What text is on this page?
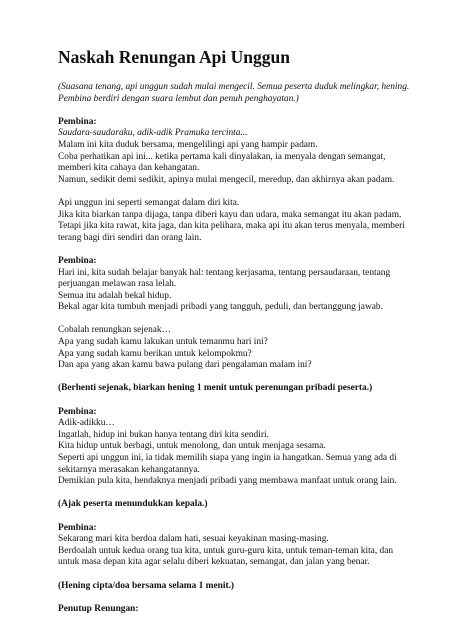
Naskah Renungan Api Unggun

(Suasana tenang, api unggun sudah mulai mengecil. Semua peserta duduk melingkar, hening.
Pembina berdiri dengan suara lembut dan penuh penghayatan.)

Pembina:
Saudara-saudaraku, adik-adik Pramuka tercinta...
Malam ini kita duduk bersama, mengelilingi api yang hampir padam.
Coba perhatikan api ini... ketika pertama kali dinyalakan, ia menyala dengan semangat,
memberi kita cahaya dan kehangatan.
Namun, sedikit demi sedikit, apinya mulai mengecil, meredup, dan akhirnya akan padam.

Api unggun ini seperti semangat dalam diri kita.
Jika kita biarkan tanpa dijaga, tanpa diberi kayu dan udara, maka semangat itu akan padam.
Tetapi jika kita rawat, kita jaga, dan kita pelihara, maka api itu akan terus menyala, memberi
terang bagi diri sendiri dan orang lain.

Pembina:
Hari ini, kita sudah belajar banyak hal: tentang kerjasama, tentang persaudaraan, tentang
perjuangan melawan rasa lelah.
Semua itu adalah bekal hidup.
Bekal agar kita tumbuh menjadi pribadi yang tangguh, peduli, dan bertanggung jawab.

Cobalah renungkan sejenak…
Apa yang sudah kamu lakukan untuk temanmu hari ini?
Apa yang sudah kamu berikan untuk kelompokmu?
Dan apa yang akan kamu bawa pulang dari pengalaman malam ini?

(Berhenti sejenak, biarkan hening 1 menit untuk perenungan pribadi peserta.)

Pembina:
Adik-adikku…
Ingatlah, hidup ini bukan hanya tentang diri kita sendiri.
Kita hidup untuk berbagi, untuk menolong, dan untuk menjaga sesama.
Seperti api unggun ini, ia tidak memilih siapa yang ingin ia hangatkan. Semua yang ada di
sekitarnya merasakan kehangatannya.
Demikian pula kita, hendaknya menjadi pribadi yang membawa manfaat untuk orang lain.

(Ajak peserta menundukkan kepala.)

Pembina:
Sekarang mari kita berdoa dalam hati, sesuai keyakinan masing-masing.
Berdoalah untuk kedua orang tua kita, untuk guru-guru kita, untuk teman-teman kita, dan
untuk masa depan kita agar selalu diberi kekuatan, semangat, dan jalan yang benar.

(Hening cipta/doa bersama selama 1 menit.)

Penutup Renungan:
